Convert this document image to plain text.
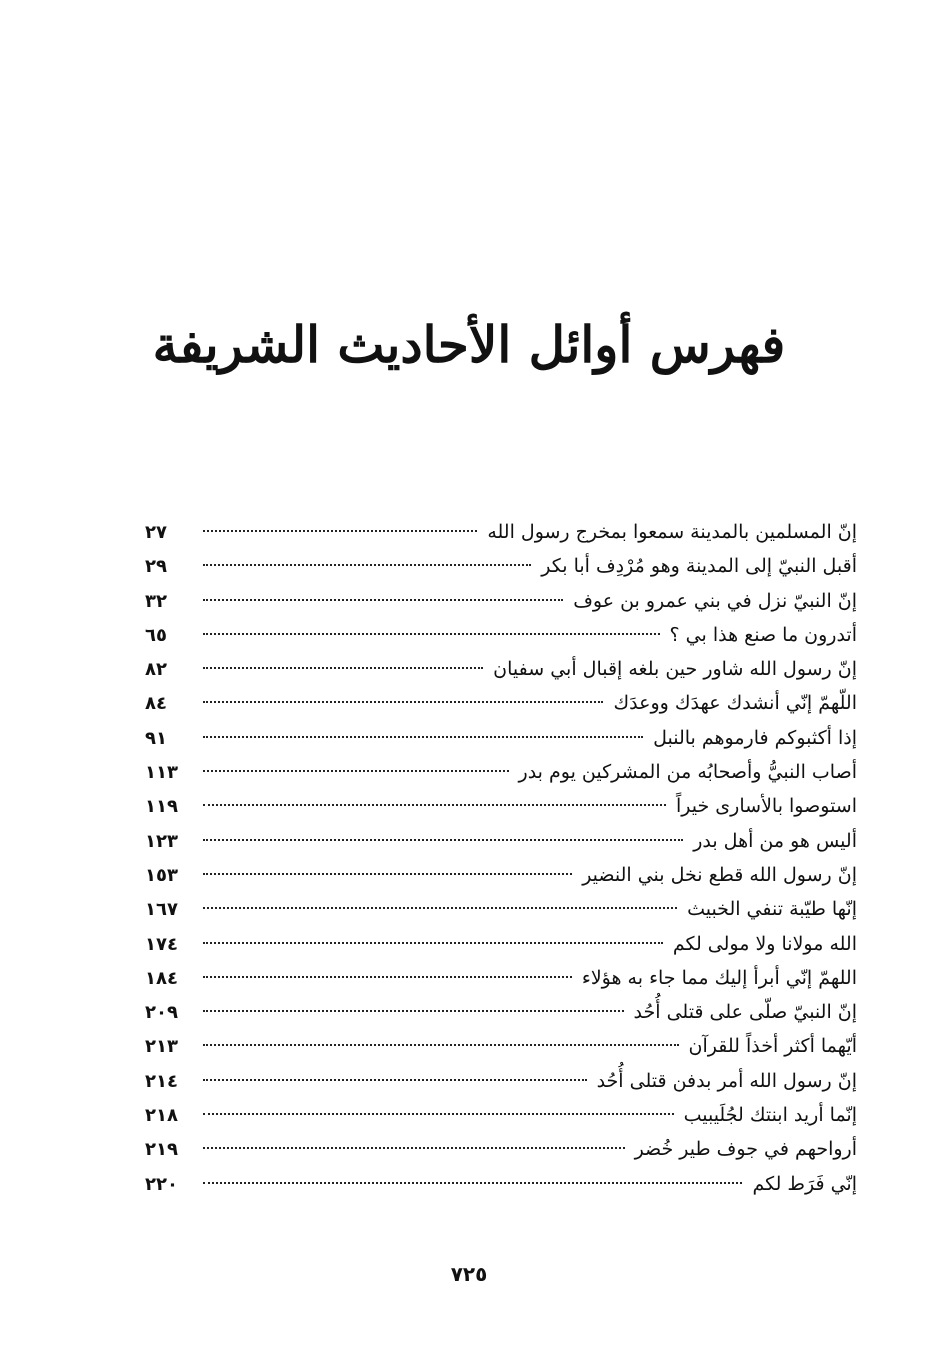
فهرس أوائل الأحاديث الشريفة
إنّ المسلمين بالمدينة سمعوا بمخرج رسول الله
٢٧
أقبل النبيّ إلى المدينة وهو مُرْدِف أبا بكر
٢٩
إنّ النبيّ نزل في بني عمرو بن عوف
٣٢
أتدرون ما صنع هذا بي ؟
٦٥
إنّ رسول الله شاور حين بلغه إقبال أبي سفيان
٨٢
اللّهمّ إنّي أنشدك عهدَك ووعدَك
٨٤
إذا أكثبوكم فارموهم بالنبل
٩١
أصاب النبيُّ وأصحابُه من المشركين يوم بدر
١١٣
استوصوا بالأسارى خيراً
١١٩
أليس هو من أهل بدر
١٢٣
إنّ رسول الله قطع نخل بني النضير
١٥٣
إنّها طيّبة تنفي الخبيث
١٦٧
الله مولانا ولا مولى لكم
١٧٤
اللهمّ إنّي أبرأ إليك مما جاء به هؤلاء
١٨٤
إنّ النبيّ صلّى على قتلى أُحُد
٢٠٩
أيّهما أكثر أخذاً للقرآن
٢١٣
إنّ رسول الله أمر بدفن قتلى أُحُد
٢١٤
إنّما أريد ابنتك لجُلَيبيب
٢١٨
أرواحهم في جوف طير خُضر
٢١٩
إنّي فَرَط لكم
٢٢٠
٧٢٥
